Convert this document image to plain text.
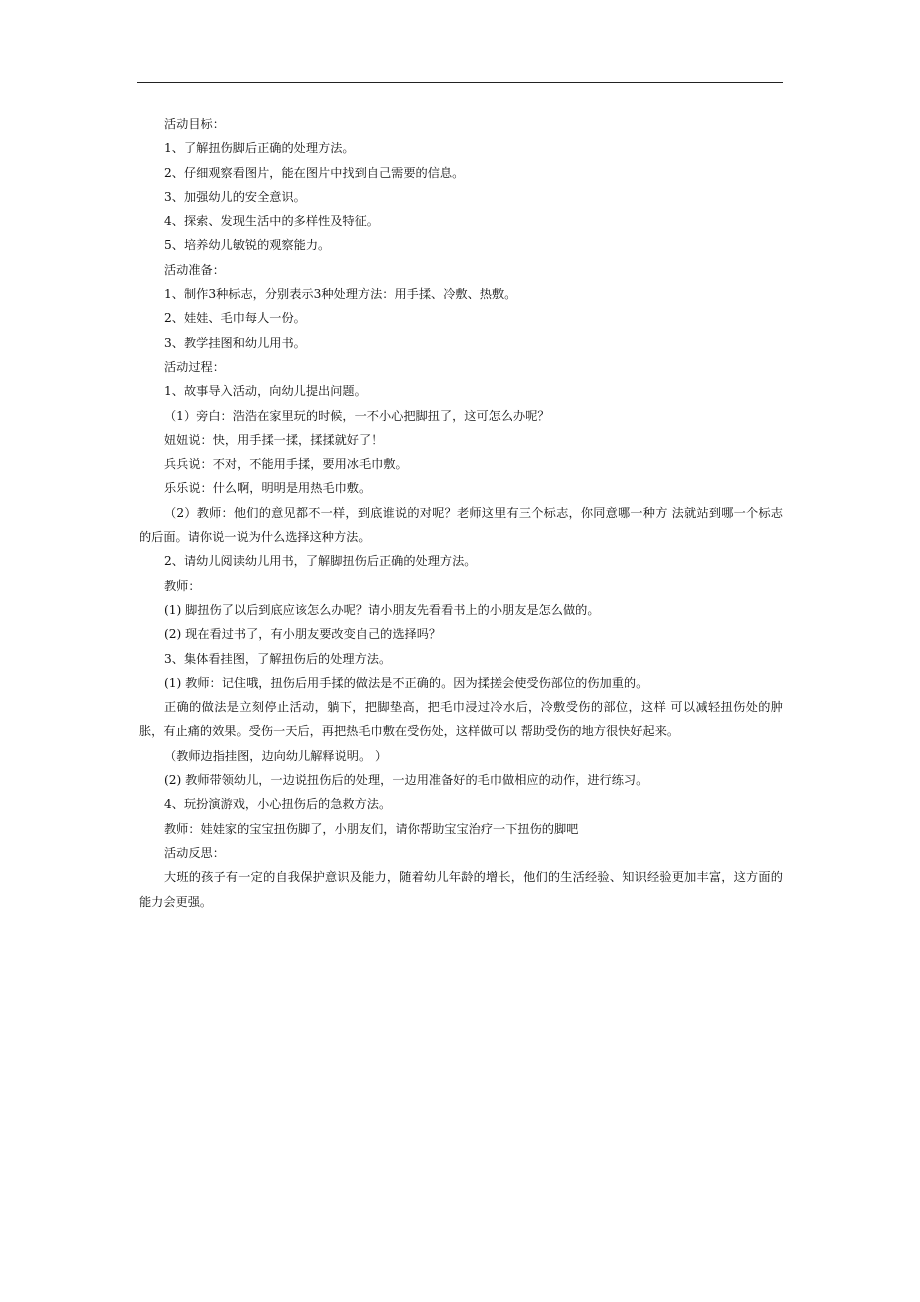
活动目标：
1、了解扭伤脚后正确的处理方法。
2、仔细观察看图片，能在图片中找到自己需要的信息。
3、加强幼儿的安全意识。
4、探索、发现生活中的多样性及特征。
5、培养幼儿敏锐的观察能力。
活动准备：
1、制作3种标志，分别表示3种处理方法：用手揉、冷敷、热敷。
2、娃娃、毛巾每人一份。
3、教学挂图和幼儿用书。
活动过程：
1、故事导入活动，向幼儿提出问题。
（1）旁白：浩浩在家里玩的时候，一不小心把脚扭了，这可怎么办呢？
妞妞说：快，用手揉一揉，揉揉就好了！
兵兵说：不对，不能用手揉，要用冰毛巾敷。
乐乐说：什么啊，明明是用热毛巾敷。
（2）教师：他们的意见都不一样，到底谁说的对呢？老师这里有三个标志，你同意哪一种方 法就站到哪一个标志的后面。请你说一说为什么选择这种方法。
2、请幼儿阅读幼儿用书，了解脚扭伤后正确的处理方法。
教师：
(1) 脚扭伤了以后到底应该怎么办呢？请小朋友先看看书上的小朋友是怎么做的。
(2) 现在看过书了，有小朋友要改变自己的选择吗？
3、集体看挂图，了解扭伤后的处理方法。
(1) 教师：记住哦，扭伤后用手揉的做法是不正确的。因为揉搓会使受伤部位的伤加重的。
正确的做法是立刻停止活动，躺下，把脚垫高，把毛巾浸过冷水后，冷敷受伤的部位，这样 可以减轻扭伤处的肿胀，有止痛的效果。受伤一天后，再把热毛巾敷在受伤处，这样做可以 帮助受伤的地方很快好起来。
（教师边指挂图，边向幼儿解释说明。 ）
(2) 教师带领幼儿，一边说扭伤后的处理，一边用准备好的毛巾做相应的动作，进行练习。
4、玩扮演游戏，小心扭伤后的急救方法。
教师：娃娃家的宝宝扭伤脚了，小朋友们，请你帮助宝宝治疗一下扭伤的脚吧
活动反思：
大班的孩子有一定的自我保护意识及能力，随着幼儿年龄的增长，他们的生活经验、知识经验更加丰富，这方面的能力会更强。
